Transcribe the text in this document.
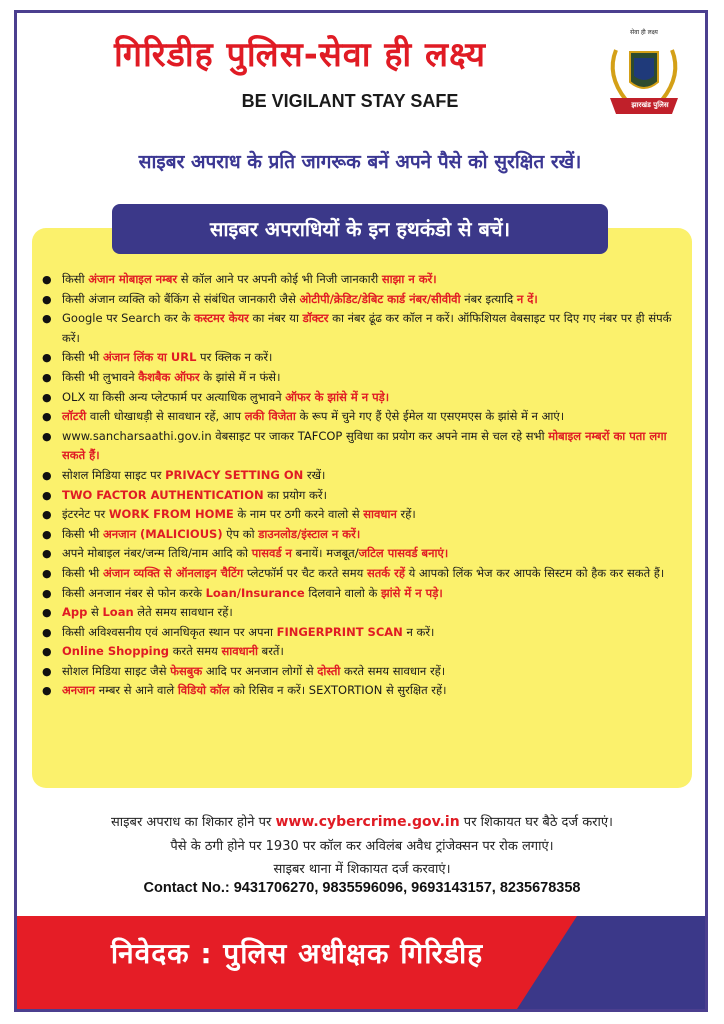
गिरिडीह पुलिस-सेवा ही लक्ष्य
BE VIGILANT STAY SAFE
सेवा ही लक्ष्य
झारखंड पुलिस
साइबर अपराध के प्रति जागरूक बनें अपने पैसे को सुरक्षित रखें।
साइबर अपराधियों के इन हथकंडो से बचें।
● किसी अंजान मोबाइल नम्बर से कॉल आने पर अपनी कोई भी निजी जानकारी साझा न करें।
● किसी अंजान व्यक्ति को बैंकिंग से संबंधित जानकारी जैसे ओटीपी/क्रेडिट/डेबिट कार्ड नंबर/सीवीवी नंबर इत्यादि न दें।
● Google पर Search कर के कस्टमर केयर का नंबर या डॉक्टर का नंबर ढूंढ कर कॉल न करें। ऑफिशियल वेबसाइट पर दिए गए नंबर पर ही संपर्क करें।
● किसी भी अंजान लिंक या URL पर क्लिक न करें।
● किसी भी लुभावने कैशबैक ऑफर के झांसे में न फंसे।
● OLX या किसी अन्य प्लेटफार्म पर अत्याधिक लुभावने ऑफर के झांसे में न पड़े।
● लॉटरी वाली धोखाधड़ी से सावधान रहें, आप लकी विजेता के रूप में चुने गए हैं ऐसे ईमेल या एसएमएस के झांसे में न आएं।
● www.sancharsaathi.gov.in वेबसाइट पर जाकर TAFCOP सुविधा का प्रयोग कर अपने नाम से चल रहे सभी मोबाइल नम्बरों का पता लगा सकते हैं।
● सोशल मिडिया साइट पर PRIVACY SETTING ON रखें।
● TWO FACTOR AUTHENTICATION का प्रयोग करें।
● इंटरनेट पर WORK FROM HOME के नाम पर ठगी करने वालो से सावधान रहें।
● किसी भी अनजान (MALICIOUS) ऐप को डाउनलोड/इंस्टाल न करें।
● अपने मोबाइल नंबर/जन्म तिथि/नाम आदि को पासवर्ड न बनायें। मजबूत/जटिल पासवर्ड बनाएं।
● किसी भी अंजान व्यक्ति से ऑनलाइन चैटिंग प्लेटफॉर्म पर चैट करते समय सतर्क रहें ये आपको लिंक भेज कर आपके सिस्टम को हैक कर सकते हैं।
● किसी अनजान नंबर से फोन करके Loan/Insurance दिलवाने वालो के झांसे में न पड़े।
● App से Loan लेते समय सावधान रहें।
● किसी अविश्वसनीय एवं आनधिकृत स्थान पर अपना FINGERPRINT SCAN न करें।
● Online Shopping करते समय सावधानी बरतें।
● सोशल मिडिया साइट जैसे फेसबुक आदि पर अनजान लोगों से दोस्ती करते समय सावधान रहें।
● अनजान नम्बर से आने वाले विडियो कॉल को रिसिव न करें। SEXTORTION से सुरक्षित रहें।
साइबर अपराध का शिकार होने पर www.cybercrime.gov.in पर शिकायत घर बैठे दर्ज कराएं।
पैसे के ठगी होने पर 1930 पर कॉल कर अविलंब अवैध ट्रांजेक्सन पर रोक लगाएं।
साइबर थाना में शिकायत दर्ज करवाएं।
Contact No.: 9431706270, 9835596096, 9693143157, 8235678358
निवेदक : पुलिस अधीक्षक गिरिडीह
